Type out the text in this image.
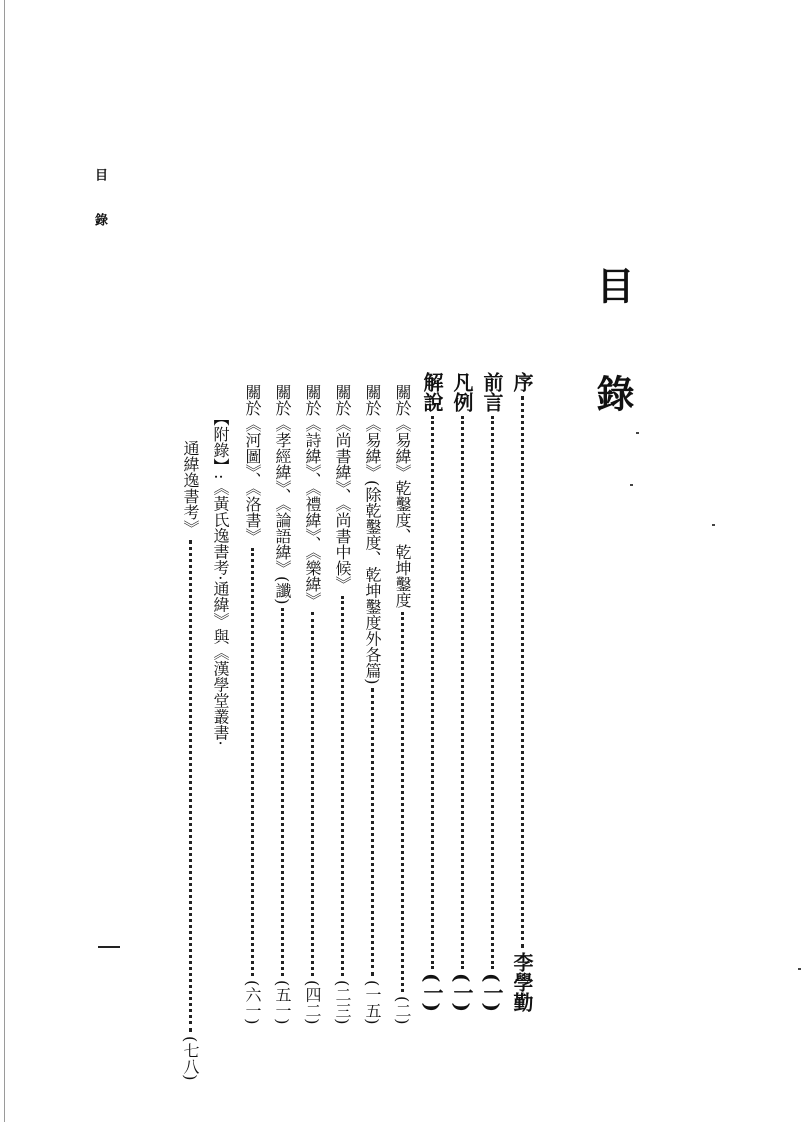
目錄
目錄
序
李學勤
前言
(一)
凡例
(一)
解說
(一)
關於《易緯》乾鑿度、乾坤鑿度
(二)
關於《易緯》(除乾鑿度、乾坤鑿度外各篇)
(一五)
關於《尚書緯》、《尚書中候》
(二三)
關於《詩緯》、《禮緯》、《樂緯》
(四二)
關於《孝經緯》、《論語緯》(讖)
(五一)
關於《河圖》、《洛書》
(六一)
【附錄】:《黃氏逸書考·通緯》與《漢學堂叢書·
通緯逸書考》
(七八)
